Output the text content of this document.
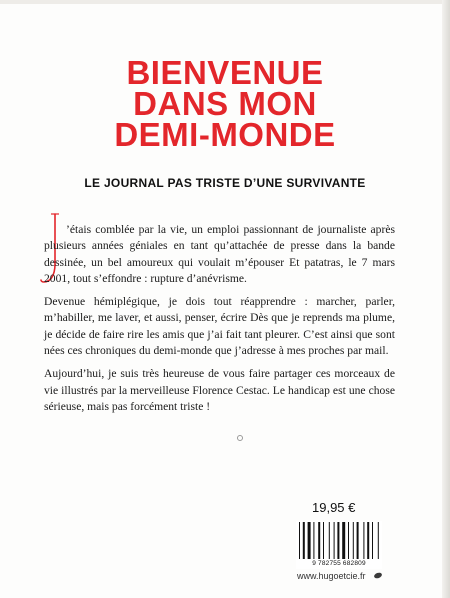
BIENVENUE
DANS MON
DEMI-MONDE
LE JOURNAL PAS TRISTE D’UNE SURVIVANTE

’étais comblée par la vie, un emploi passionnant de journaliste après plusieurs années géniales en tant qu’attachée de presse dans la bande dessinée, un bel amoureux qui voulait m’épouser Et patatras, le 7 mars 2001, tout s’effondre : rupture d’anévrisme.

Devenue hémiplégique, je dois tout réapprendre : marcher, parler, m’habiller, me laver, et aussi, penser, écrire Dès que je reprends ma plume, je décide de faire rire les amis que j’ai fait tant pleurer. C’est ainsi que sont nées ces chroniques du demi-monde que j’adresse à mes proches par mail.

Aujourd’hui, je suis très heureuse de vous faire partager ces morceaux de vie illustrés par la merveilleuse Florence Cestac. Le handicap est une chose sérieuse, mais pas forcément triste !

19,95 €
9 782755 682809
www.hugoetcie.fr
